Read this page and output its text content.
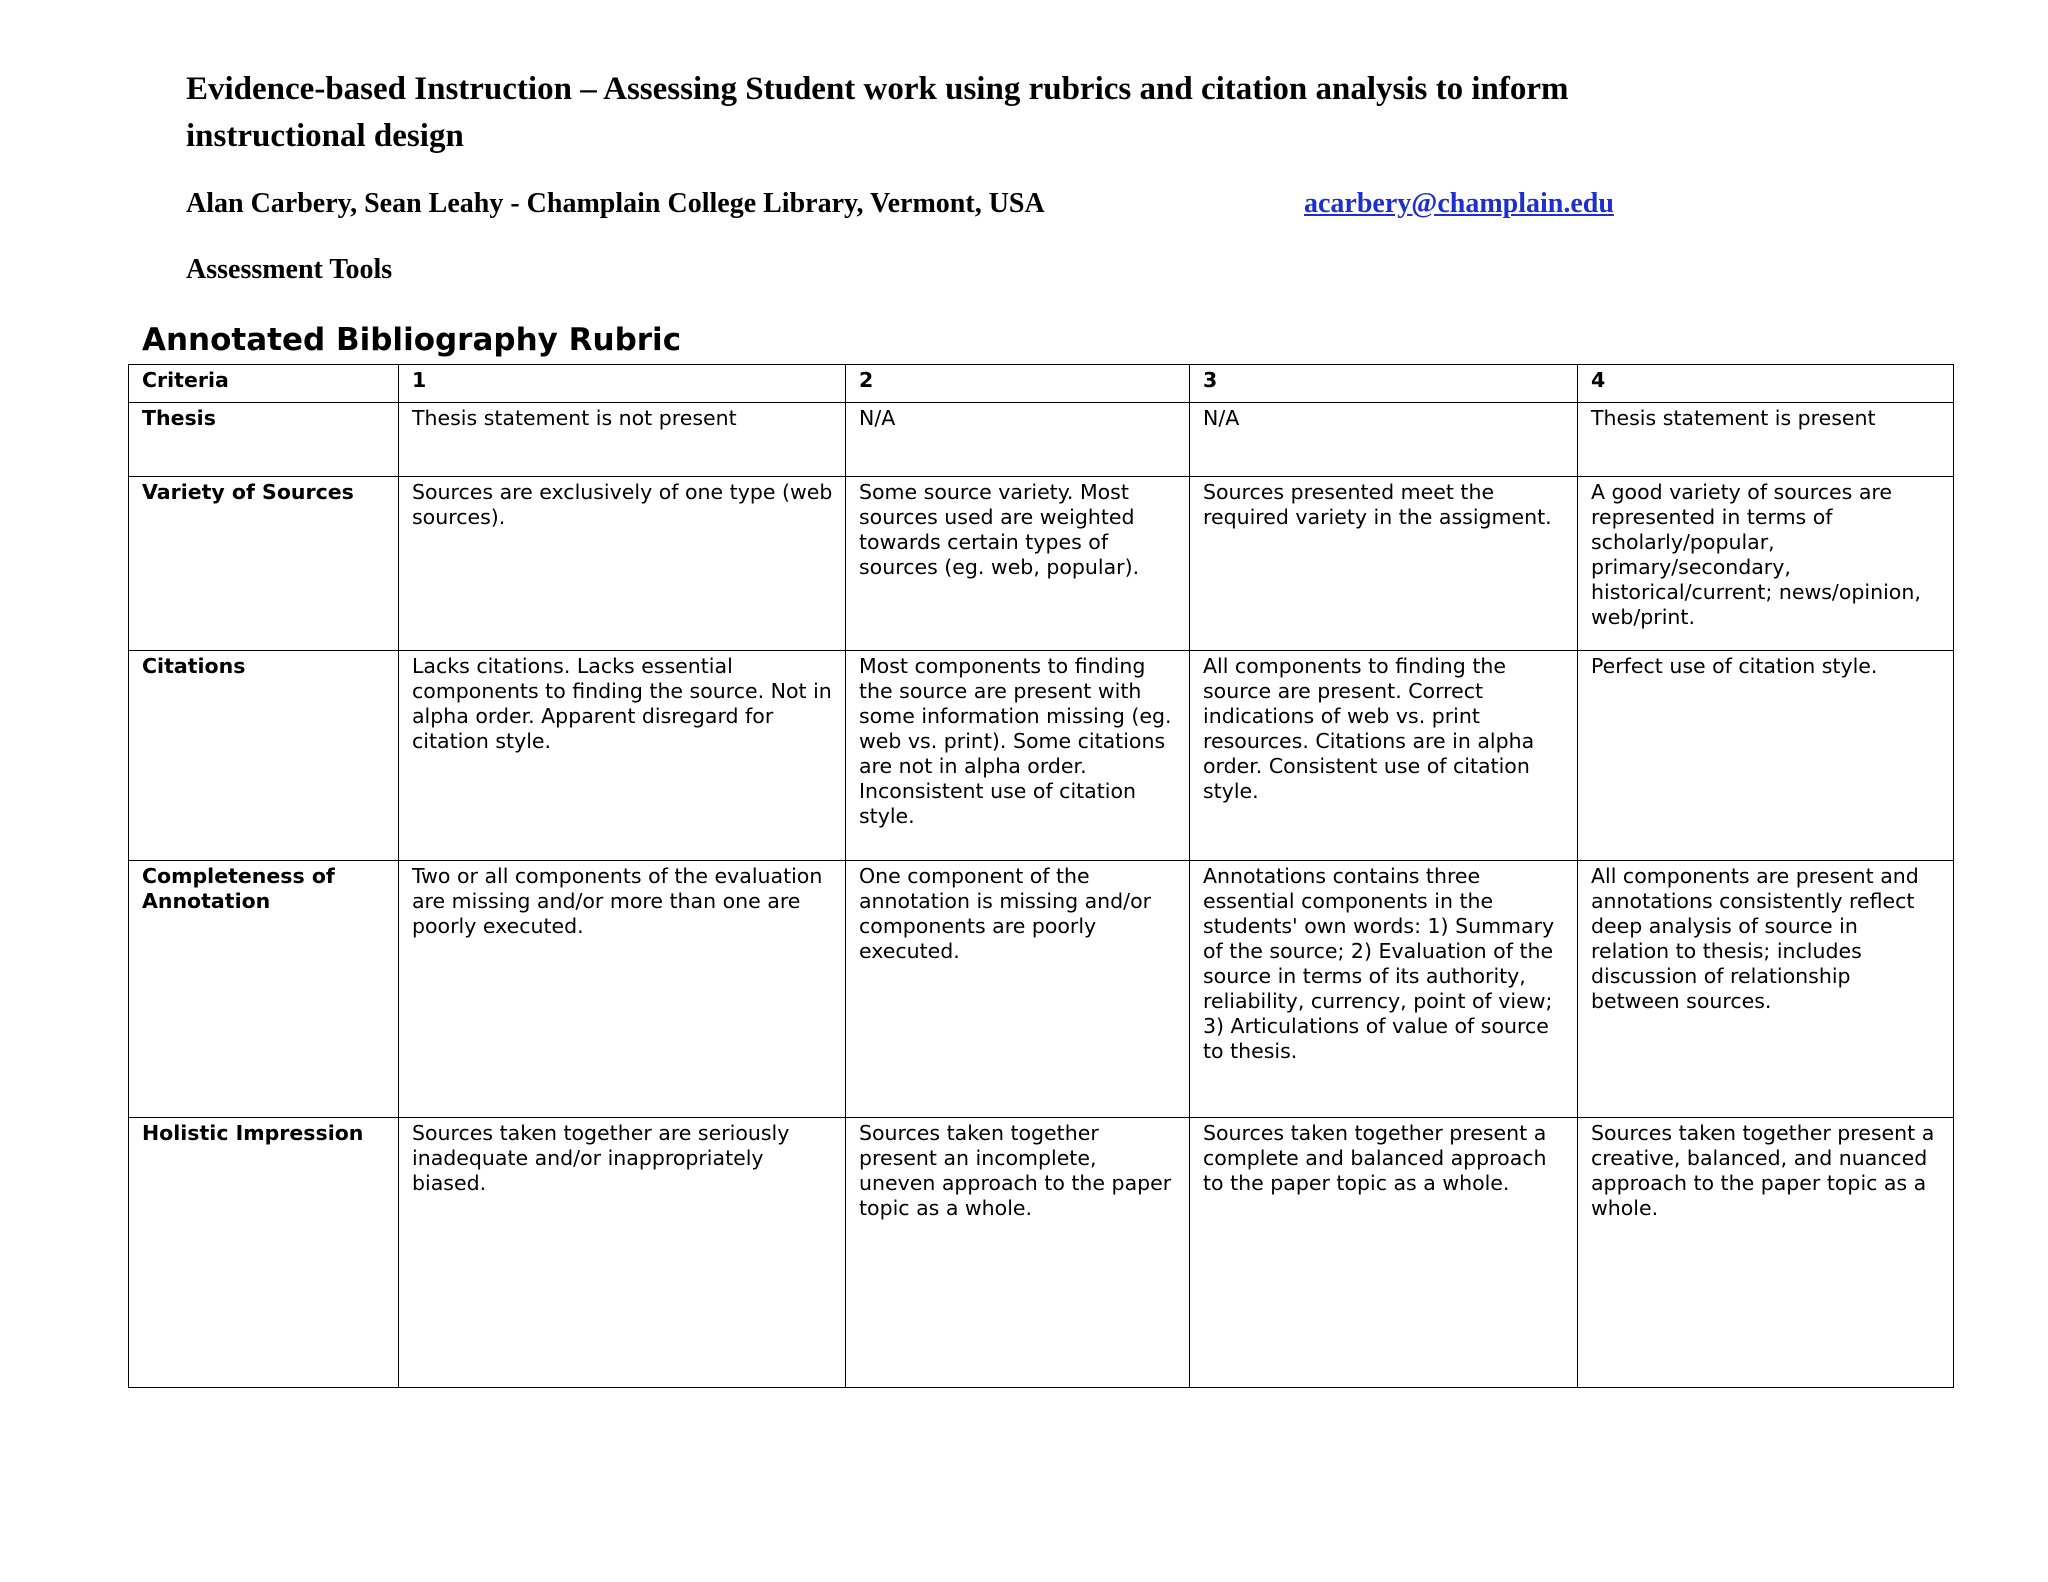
Evidence-based Instruction – Assessing Student work using rubrics and citation analysis to inform instructional design
Alan Carbery, Sean Leahy - Champlain College Library, Vermont, USA	acarbery@champlain.edu
Assessment Tools
Annotated Bibliography Rubric
Criteria	1	2	3	4
Thesis	Thesis statement is not present	N/A	N/A	Thesis statement is present
Variety of Sources	Sources are exclusively of one type (web sources).	Some source variety. Most sources used are weighted towards certain types of sources (eg. web, popular).	Sources presented meet the required variety in the assigment.	A good variety of sources are represented in terms of scholarly/popular, primary/secondary, historical/current; news/opinion, web/print.
Citations	Lacks citations. Lacks essential components to finding the source. Not in alpha order. Apparent disregard for citation style.	Most components to finding the source are present with some information missing (eg. web vs. print). Some citations are not in alpha order. Inconsistent use of citation style.	All components to finding the source are present. Correct indications of web vs. print resources. Citations are in alpha order. Consistent use of citation style.	Perfect use of citation style.
Completeness of Annotation	Two or all components of the evaluation are missing and/or more than one are poorly executed.	One component of the annotation is missing and/or components are poorly executed.	Annotations contains three essential components in the students' own words: 1) Summary of the source; 2) Evaluation of the source in terms of its authority, reliability, currency, point of view; 3) Articulations of value of source to thesis.	All components are present and annotations consistently reflect deep analysis of source in relation to thesis; includes discussion of relationship between sources.
Holistic Impression	Sources taken together are seriously inadequate and/or inappropriately biased.	Sources taken together present an incomplete, uneven approach to the paper topic as a whole.	Sources taken together present a complete and balanced approach to the paper topic as a whole.	Sources taken together present a creative, balanced, and nuanced approach to the paper topic as a whole.
